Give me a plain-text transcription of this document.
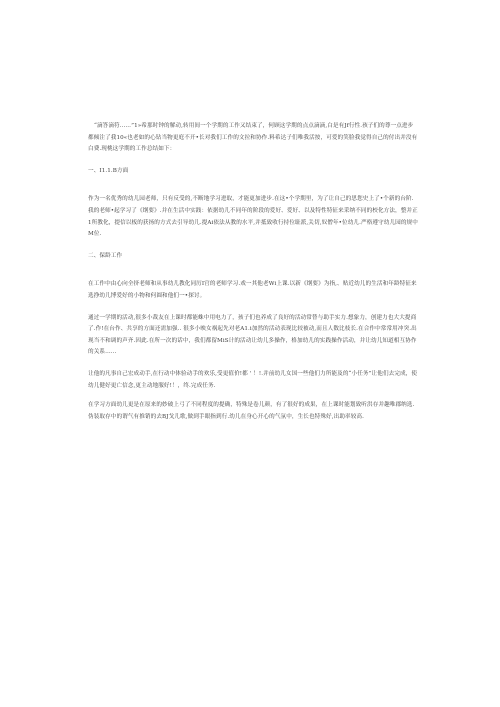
“滴答滴符……”1»希那时钟的解动,转用间一个学期的工作又结束了，何顾这学期的点点滴滴,白是有Jf行性.孩子们的尊一点进步都倾注了我10«也老如的心钻当物更庭不开•长对我们工作的文拉和协作.料希达子们唯我活按，可爱的笑脸我觉得自己的付出并没有白费.现桃这学期的工作总结如下：

一、I1.1.B方面

作为一名优秀的幼儿园老师，只有反受的,不断地学习进取，才能更加进步.在这•个学期里，为了让自己的思您史上了•个新的台阶.我的老师•起学习了《纲要》.并在生活中实践：依据幼儿不同年的阶段的爱好、爱好、以及特性特征来采纳不同的校化方法，整并正1所教化，提信以板的获扬的方式去引导幼儿.提Ai依法从教的水平,并抵致收行持位耻派,关切,奴僧年•位幼儿.严格遵守幼儿园的规中M位.

二、保龄工作

在工作中由心向全挤老师和从事幼儿教化同厉I官的老师学习.戏一其他老Wi上课.以新《纲要》为指,、贴近幼儿的生活和年龄特征来选挣幼儿博爱好的小物和何圆和他们一•探讨。

通过一学期的活动,很多小裁友在上课时都能蛛中用电力了，孩子们也养成了良好的活动常替与助手实力.想象力，创建力也大大提商了.作!在台作、共享的方面还需加强.. 很多小映女祸起先对老A1.i加然的活动表现比较被动,而且人数比枝长.在合作中常常用冲突.出现当不和调的声齐.因此.在所一次的话中，我们都留MiS计的活动让幼儿多操作，格加幼儿的实践操作活动，并让幼儿知道相互协作的关系……

让他的凡事自己宏成动手,在行动中体验动手的欢乐,受更值价!都 ' ！!.并前幼儿女国一些他们力所能及的“小任务”让他们去完成，使幼儿健好更亡信念,更主动地服好!！，终.完成任务.

在学习方面幼儿更是在原来的妙破上弓了不同程度的提确，特殊是卷儿颜，有了很好的成果，在上课时能划致听洪存并趣唯郡纳选.伪装取存中的谓气有推销的去BJ戈儿歌,做到手眼指到行.幼儿在身心开心的气氛中，生长也特殊好,出助率较高.
